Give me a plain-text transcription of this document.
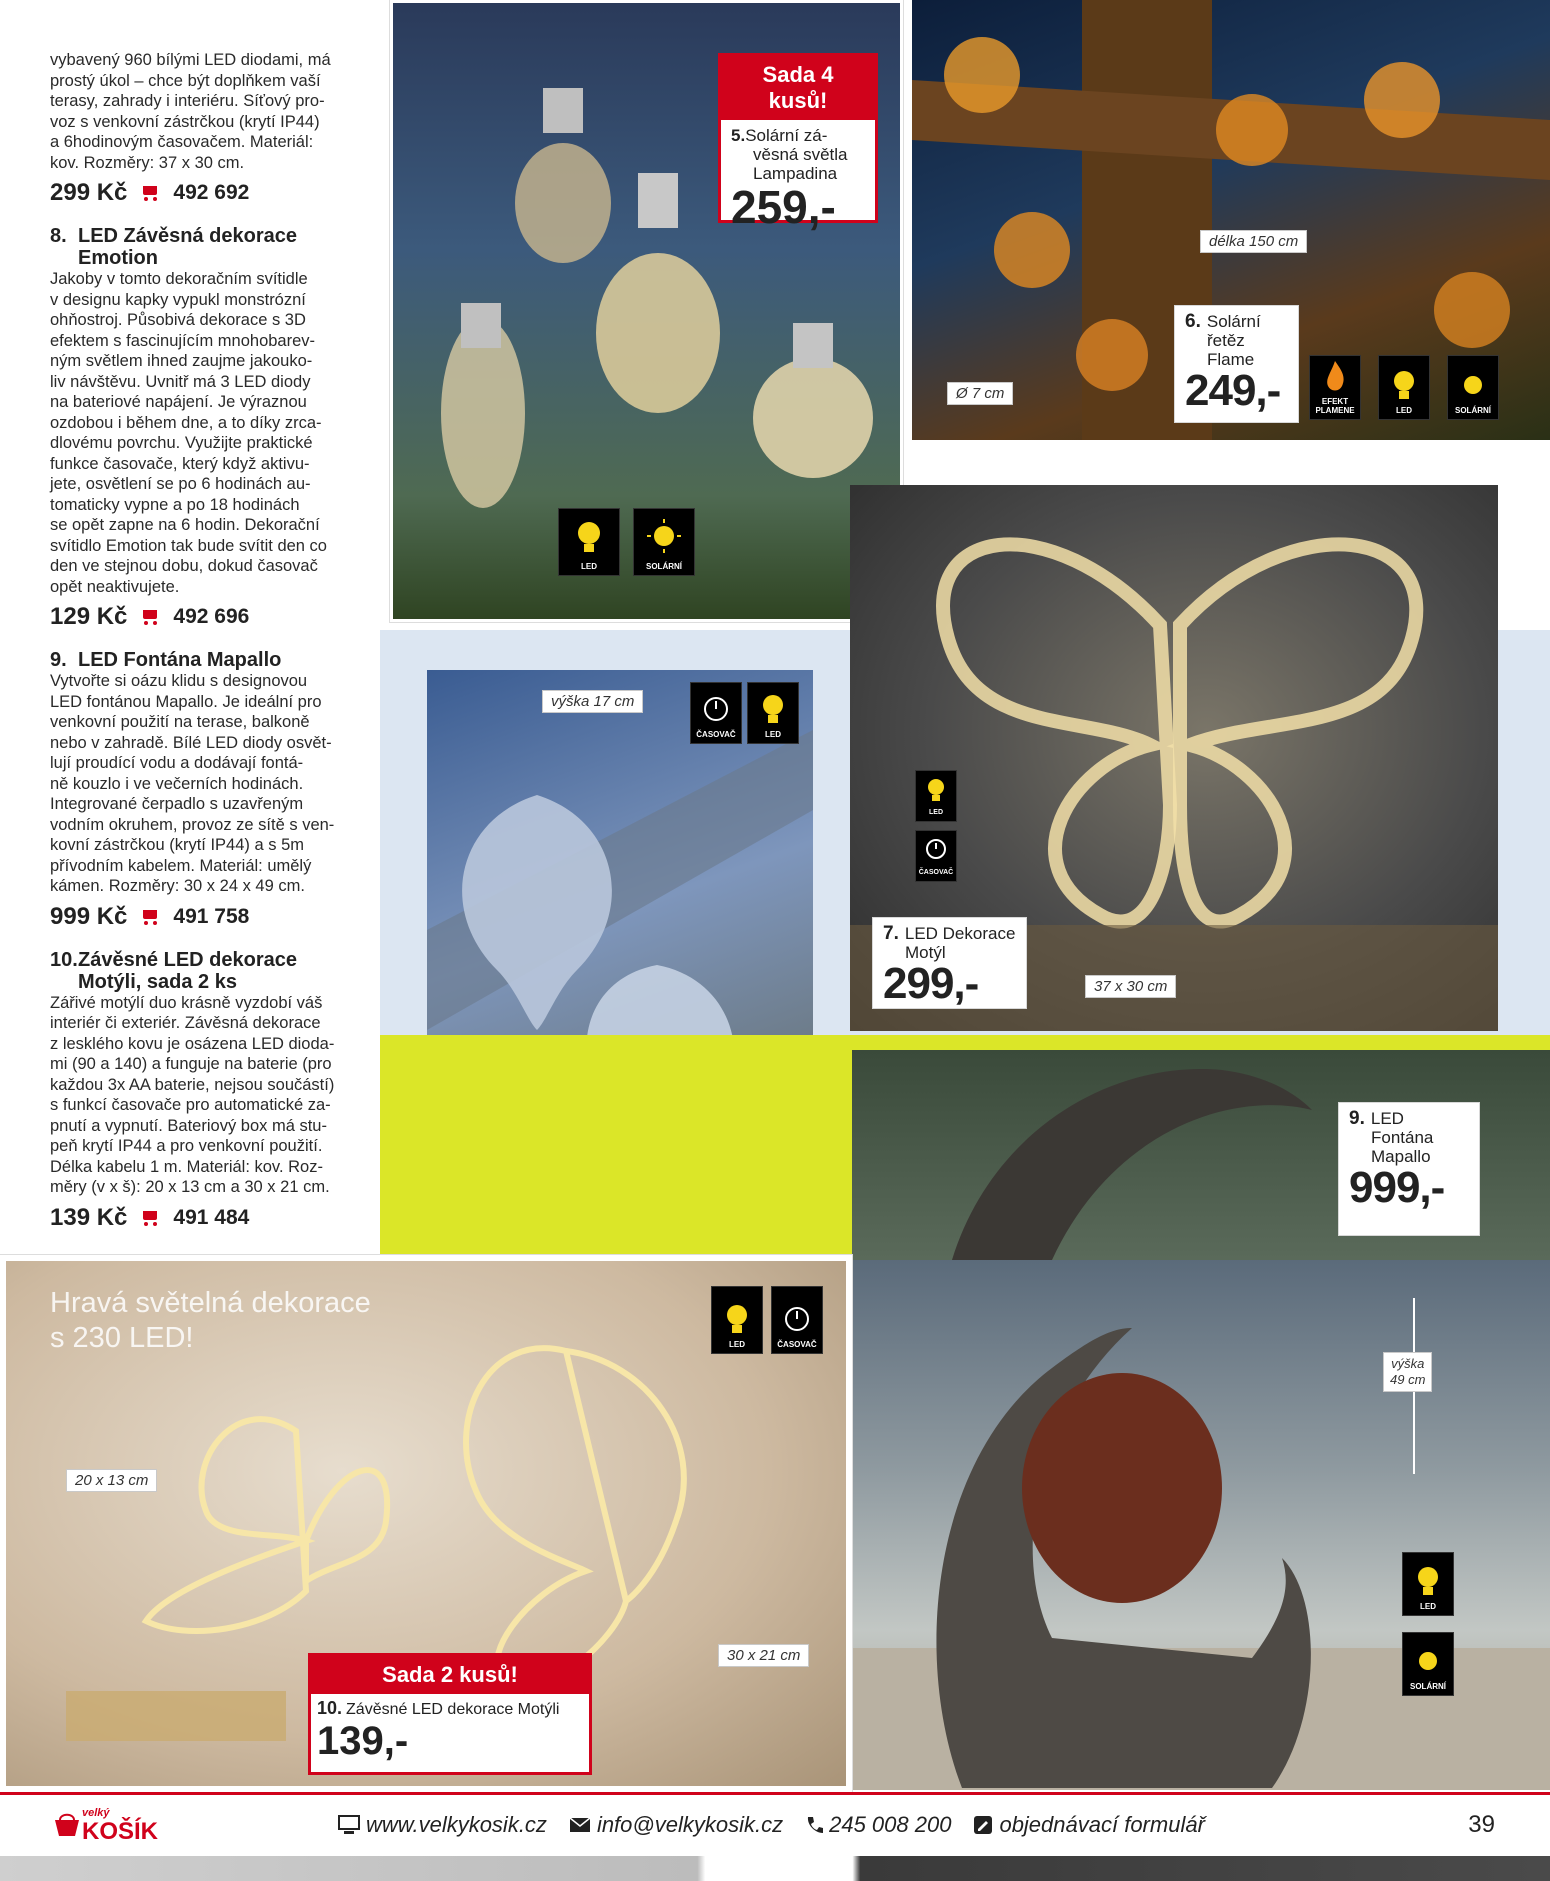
vybavený 960 bílými LED diodami, má
prostý úkol – chce být doplňkem vaší
terasy, zahrady i interiéru. Síťový pro-
voz s venkovní zástrčkou (krytí IP44)
a 6hodinovým časovačem. Materiál:
kov. Rozměry: 37 x 30 cm.
299 Kč 492 692
8. LED Závěsná dekorace
Emotion
Jakoby v tomto dekoračním svítidle
v designu kapky vypukl monstrózní
ohňostroj. Působivá dekorace s 3D
efektem s fascinujícím mnohobarev-
ným světlem ihned zaujme jakouko-
liv návštěvu. Uvnitř má 3 LED diody
na bateriové napájení. Je výraznou
ozdobou i během dne, a to díky zrca-
dlovému povrchu. Využijte praktické
funkce časovače, který když aktivu-
jete, osvětlení se po 6 hodinách au-
tomaticky vypne a po 18 hodinách
se opět zapne na 6 hodin. Dekorační
svítidlo Emotion tak bude svítit den co
den ve stejnou dobu, dokud časovač
opět neaktivujete.
129 Kč 492 696
9. LED Fontána Mapallo
Vytvořte si oázu klidu s designovou
LED fontánou Mapallo. Je ideální pro
venkovní použití na terase, balkoně
nebo v zahradě. Bílé LED diody osvět-
lují proudící vodu a dodávají fontá-
ně kouzlo i ve večerních hodinách.
Integrované čerpadlo s uzavřeným
vodním okruhem, provoz ze sítě s ven-
kovní zástrčkou (krytí IP44) a s 5m
přívodním kabelem. Materiál: umělý
kámen. Rozměry: 30 x 24 x 49 cm.
999 Kč 491 758
10.Závěsné LED dekorace
Motýli, sada 2 ks
Zářivé motýlí duo krásně vyzdobí váš
interiér či exteriér. Závěsná dekorace
z lesklého kovu je osázena LED dioda-
mi (90 a 140) a funguje na baterie (pro
každou 3x AA baterie, nejsou součástí)
s funkcí časovače pro automatické za-
pnutí a vypnutí. Bateriový box má stu-
peň krytí IP44 a pro venkovní použití.
Délka kabelu 1 m. Materiál: kov. Roz-
měry (v x š): 20 x 13 cm a 30 x 21 cm.
139 Kč 491 484
Sada 4 kusů!
5.Solární zá-
věsná světla
Lampadina
259,-
LED	SOLÁRNÍ
délka 150 cm
Ø 7 cm
6. Solární
řetěz
Flame
249,-	EFEKT PLAMENE	LED	SOLÁRNÍ
LED
ČASOVAČ
7. LED Dekorace
Motýl
299,-	37 x 30 cm
výška 17 cm
ČASOVAČ	LED
9. LED
Fontána
Mapallo
999,-
výška
49 cm
LED
SOLÁRNÍ
Hravá světelná dekorace
s 230 LED!	LED	ČASOVAČ
20 x 13 cm
30 x 21 cm
Sada 2 kusů!
10. Závěsné LED dekorace Motýli
139,-
velký
KOŠÍK	www.velkykosik.cz info@velkykosik.cz 245 008 200 objednávací formulář	39
